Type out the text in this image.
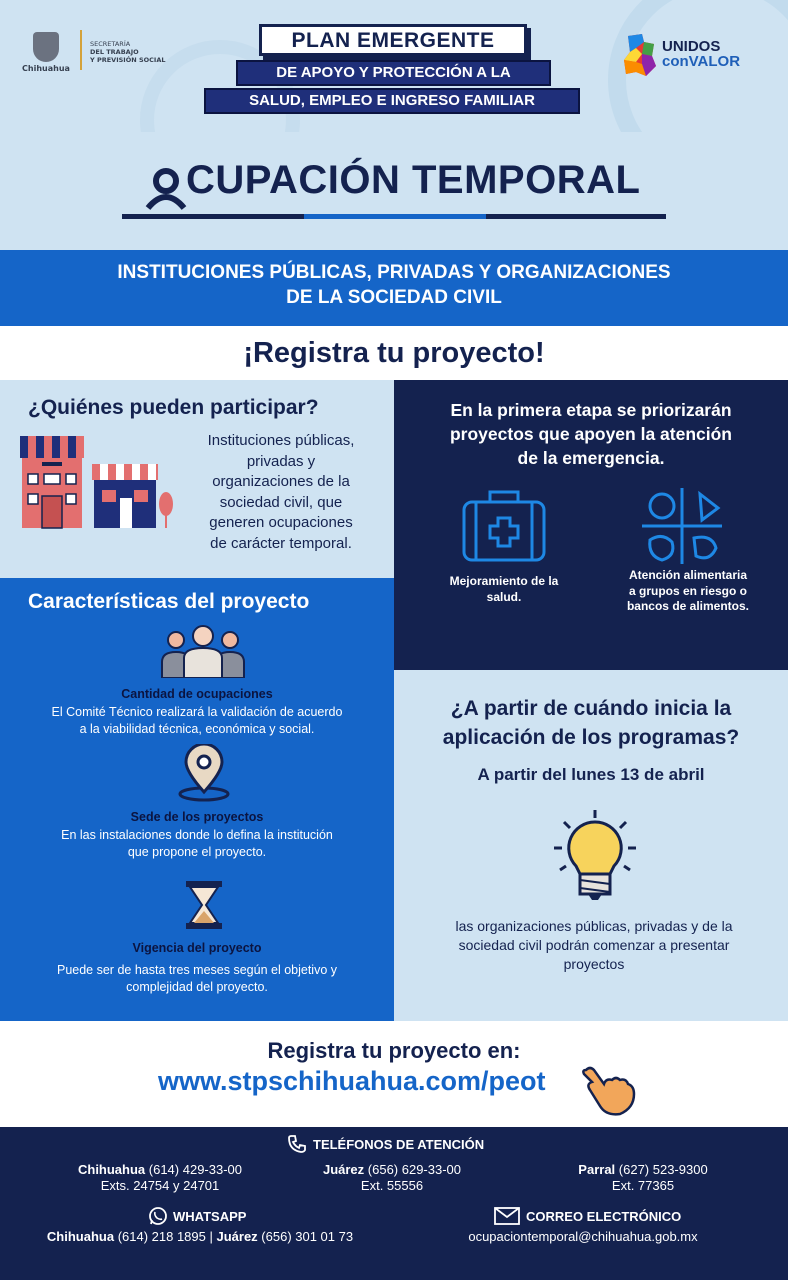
Chihuahua
SECRETARÍA
DEL TRABAJO
Y PREVISIÓN SOCIAL
PLAN EMERGENTE
DE APOYO Y PROTECCIÓN A LA
SALUD, EMPLEO E INGRESO FAMILIAR
UNIDOS
conVALOR
CUPACIÓN TEMPORAL
INSTITUCIONES PÚBLICAS, PRIVADAS Y ORGANIZACIONES
DE LA SOCIEDAD CIVIL
¡Registra tu proyecto!
¿Quiénes pueden participar?
Instituciones públicas,
privadas y
organizaciones de la
sociedad civil, que
generen ocupaciones
de carácter temporal.
Características del proyecto
Cantidad de ocupaciones
El Comité Técnico realizará la validación de acuerdo
a la viabilidad técnica, económica y social.
Sede de los proyectos
En las instalaciones donde lo defina la institución
que propone el proyecto.
Vigencia del proyecto
Puede ser de hasta tres meses según el objetivo y
complejidad del proyecto.
En la primera etapa se priorizarán
proyectos que apoyen la atención
de la emergencia.
Mejoramiento de la
salud.
Atención alimentaria
a grupos en riesgo o
bancos de alimentos.
¿A partir de cuándo inicia la
aplicación de los programas?
A partir del lunes 13 de abril
las organizaciones públicas, privadas y de la
sociedad civil podrán comenzar a presentar
proyectos
Registra tu proyecto en:
www.stpschihuahua.com/peot
TELÉFONOS DE ATENCIÓN
Chihuahua (614) 429-33-00
Exts. 24754 y 24701
Juárez (656) 629-33-00
Ext. 55556
Parral (627) 523-9300
Ext. 77365
WHATSAPP
Chihuahua (614) 218 1895 | Juárez (656) 301 01 73
CORREO ELECTRÓNICO
ocupaciontemporal@chihuahua.gob.mx
